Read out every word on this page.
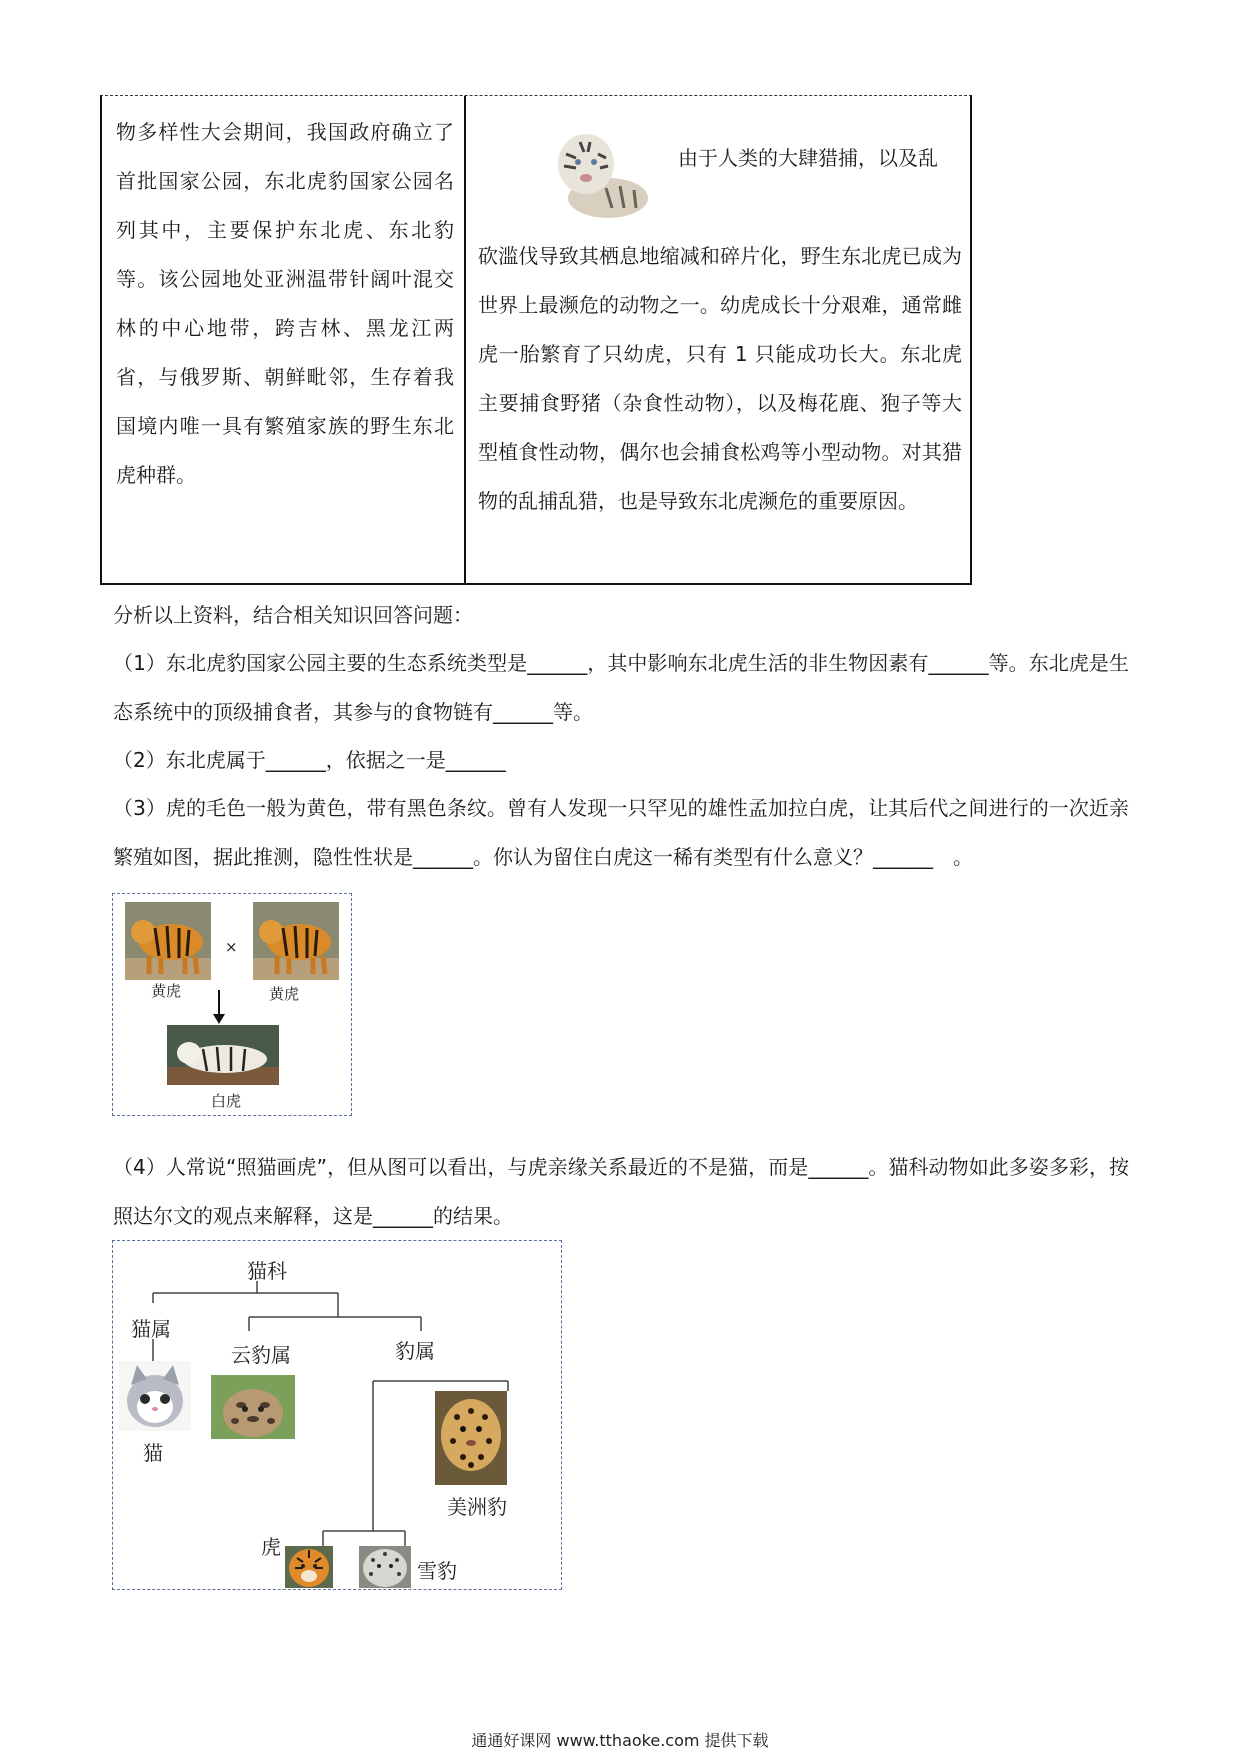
物多样性大会期间，我国政府确立了首批国家公园，东北虎豹国家公园名列其中，主要保护东北虎、东北豹等。该公园地处亚洲温带针阔叶混交林的中心地带，跨吉林、黑龙江两省，与俄罗斯、朝鲜毗邻，生存着我国境内唯一具有繁殖家族的野生东北虎种群。

由于人类的大肆猎捕，以及乱

砍滥伐导致其栖息地缩减和碎片化，野生东北虎已成为世界上最濒危的动物之一。幼虎成长十分艰难，通常雌虎一胎繁育了只幼虎，只有 1 只能成功长大。东北虎主要捕食野猪（杂食性动物），以及梅花鹿、狍子等大型植食性动物，偶尔也会捕食松鸡等小型动物。对其猎物的乱捕乱猎，也是导致东北虎濒危的重要原因。

分析以上资料，结合相关知识回答问题：

（1）东北虎豹国家公园主要的生态系统类型是______，其中影响东北虎生活的非生物因素有______等。东北虎是生态系统中的顶级捕食者，其参与的食物链有______等。

（2）东北虎属于______，依据之一是______

（3）虎的毛色一般为黄色，带有黑色条纹。曾有人发现一只罕见的雄性孟加拉白虎，让其后代之间进行的一次近亲繁殖如图，据此推测，隐性性状是______。你认为留住白虎这一稀有类型有什么意义？______　。

×
黄虎	黄虎
白虎

（4）人常说“照猫画虎”，但从图可以看出，与虎亲缘关系最近的不是猫，而是______。猫科动物如此多姿多彩，按照达尔文的观点来解释，这是______的结果。

猫科
猫属
云豹属	豹属
猫
美洲豹
虎
雪豹
通通好课网 www.tthaoke.com 提供下载
